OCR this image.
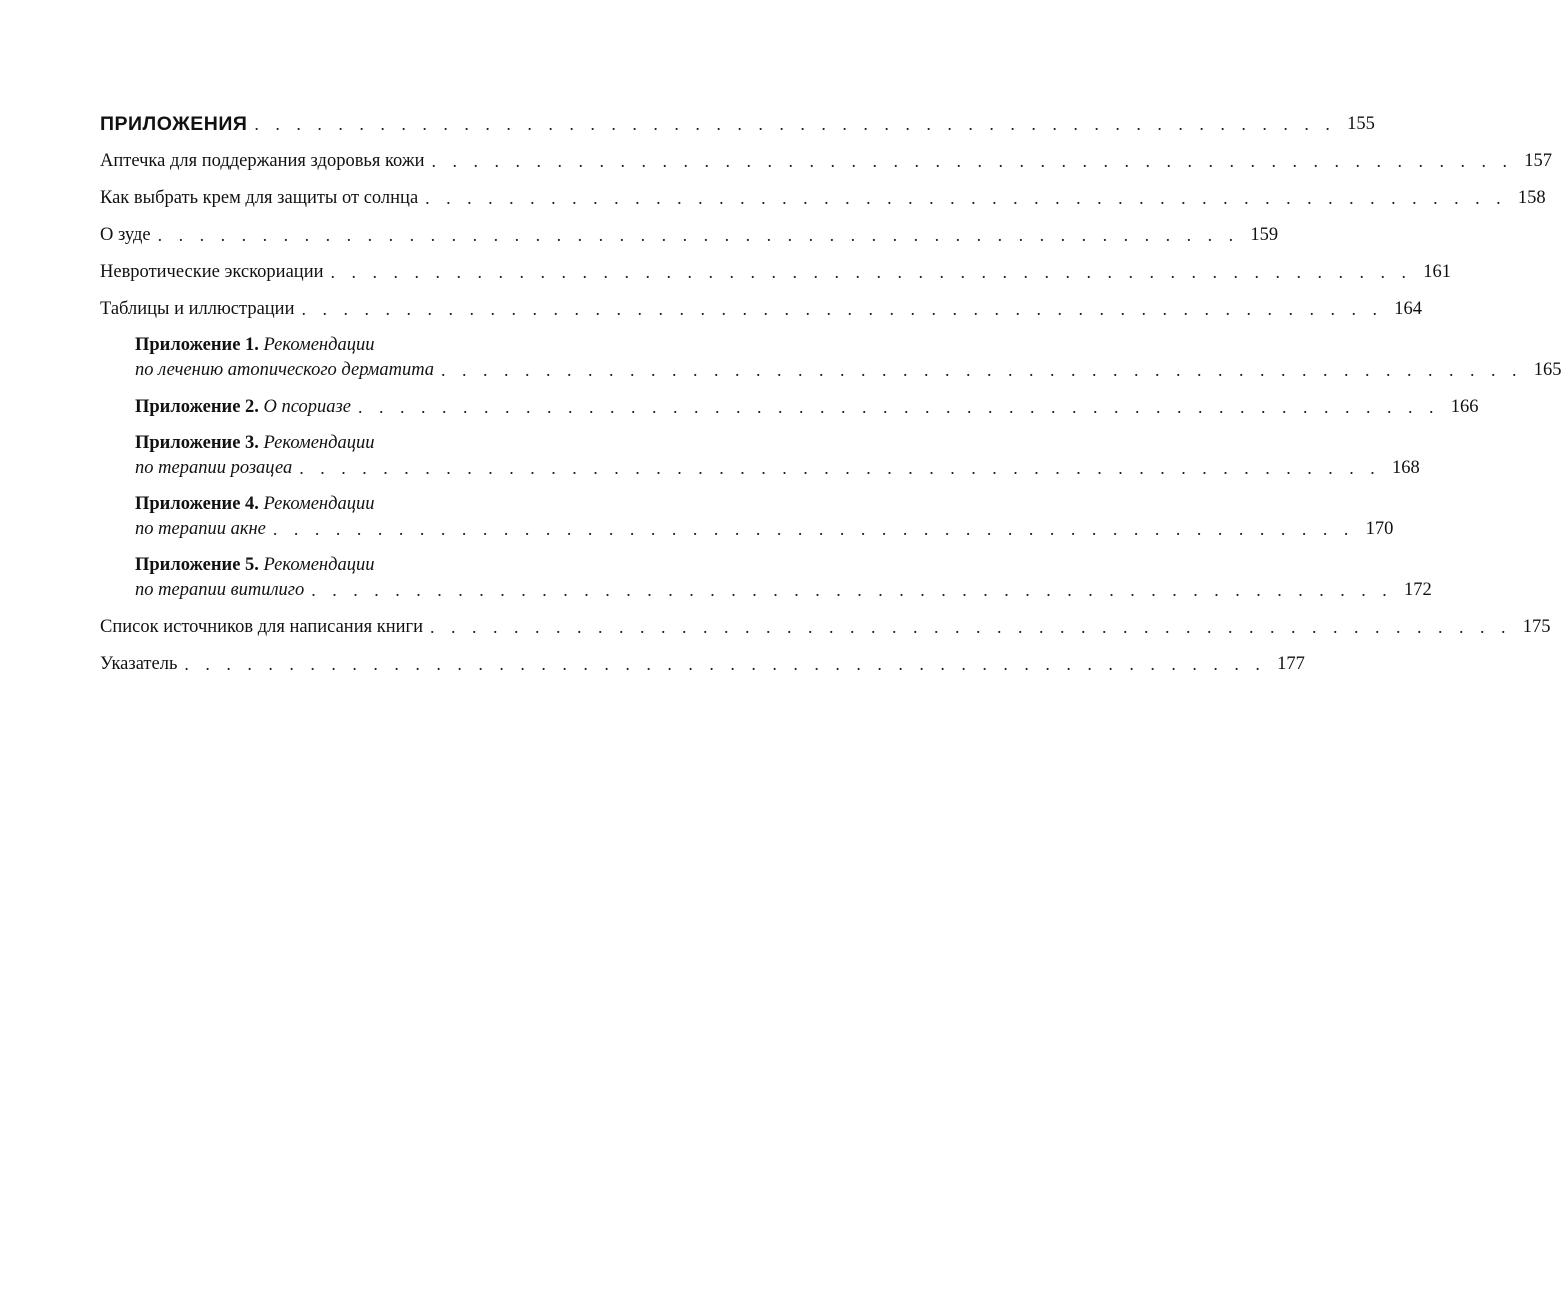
ПРИЛОЖЕНИЯ . . . . . . . . . . . . . . . . . . . . . . . . . . . . . . . . . . . . . . . . . . . . . . . . . . . . 155
Аптечка для поддержания здоровья кожи . . . . . . . . . . . . . . . . . . . . . . . . . . . . . . . . . . . . . . . . . . . . . . . . . . . . 157
Как выбрать крем для защиты от солнца . . . . . . . . . . . . . . . . . . . . . . . . . . . . . . . . . . . . . . . . . . . . . . . . . . . . 158
О зуде . . . . . . . . . . . . . . . . . . . . . . . . . . . . . . . . . . . . . . . . . . . . . . . . . . . . 159
Невротические экскориации . . . . . . . . . . . . . . . . . . . . . . . . . . . . . . . . . . . . . . . . . . . . . . . . . . . . 161
Таблицы и иллюстрации . . . . . . . . . . . . . . . . . . . . . . . . . . . . . . . . . . . . . . . . . . . . . . . . . . . . 164
Приложение 1. Рекомендации
по лечению атопического дерматита . . . . . . . . . . . . . . . . . . . . . . . . . . . . . . . . . . . . . . . . . . . . . . . . . . . . 165
Приложение 2. О псориазе . . . . . . . . . . . . . . . . . . . . . . . . . . . . . . . . . . . . . . . . . . . . . . . . . . . . 166
Приложение 3. Рекомендации
по терапии розацеа . . . . . . . . . . . . . . . . . . . . . . . . . . . . . . . . . . . . . . . . . . . . . . . . . . . . 168
Приложение 4. Рекомендации
по терапии акне . . . . . . . . . . . . . . . . . . . . . . . . . . . . . . . . . . . . . . . . . . . . . . . . . . . . 170
Приложение 5. Рекомендации
по терапии витилиго . . . . . . . . . . . . . . . . . . . . . . . . . . . . . . . . . . . . . . . . . . . . . . . . . . . . 172
Список источников для написания книги . . . . . . . . . . . . . . . . . . . . . . . . . . . . . . . . . . . . . . . . . . . . . . . . . . . . 175
Указатель . . . . . . . . . . . . . . . . . . . . . . . . . . . . . . . . . . . . . . . . . . . . . . . . . . . . 177
